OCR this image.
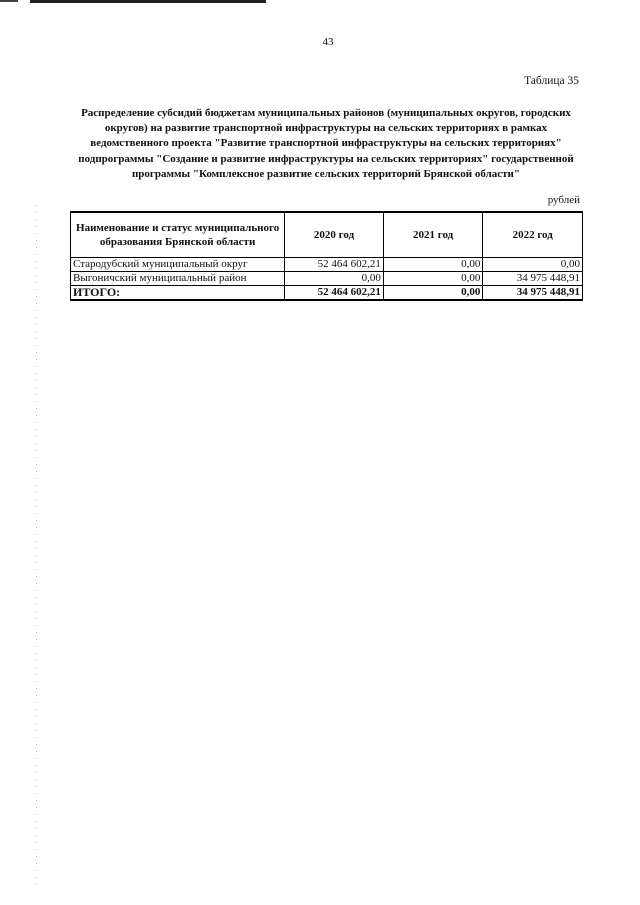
43
Таблица 35
Распределение субсидий бюджетам муниципальных районов (муниципальных округов, городских
округов) на развитие транспортной инфраструктуры на сельских территориях в рамках
ведомственного проекта "Развитие транспортной инфраструктуры на сельских территориях"
подпрограммы "Создание и развитие инфраструктуры на сельских территориях" государственной
программы "Комплексное развитие сельских территорий Брянской области"
рублей
Наименование и статус муниципального образования Брянской области	2020 год	2021 год	2022 год
Стародубский муниципальный округ	52 464 602,21	0,00	0,00
Выгоничский муниципальный район	0,00	0,00	34 975 448,91
ИТОГО:	52 464 602,21	0,00	34 975 448,91
